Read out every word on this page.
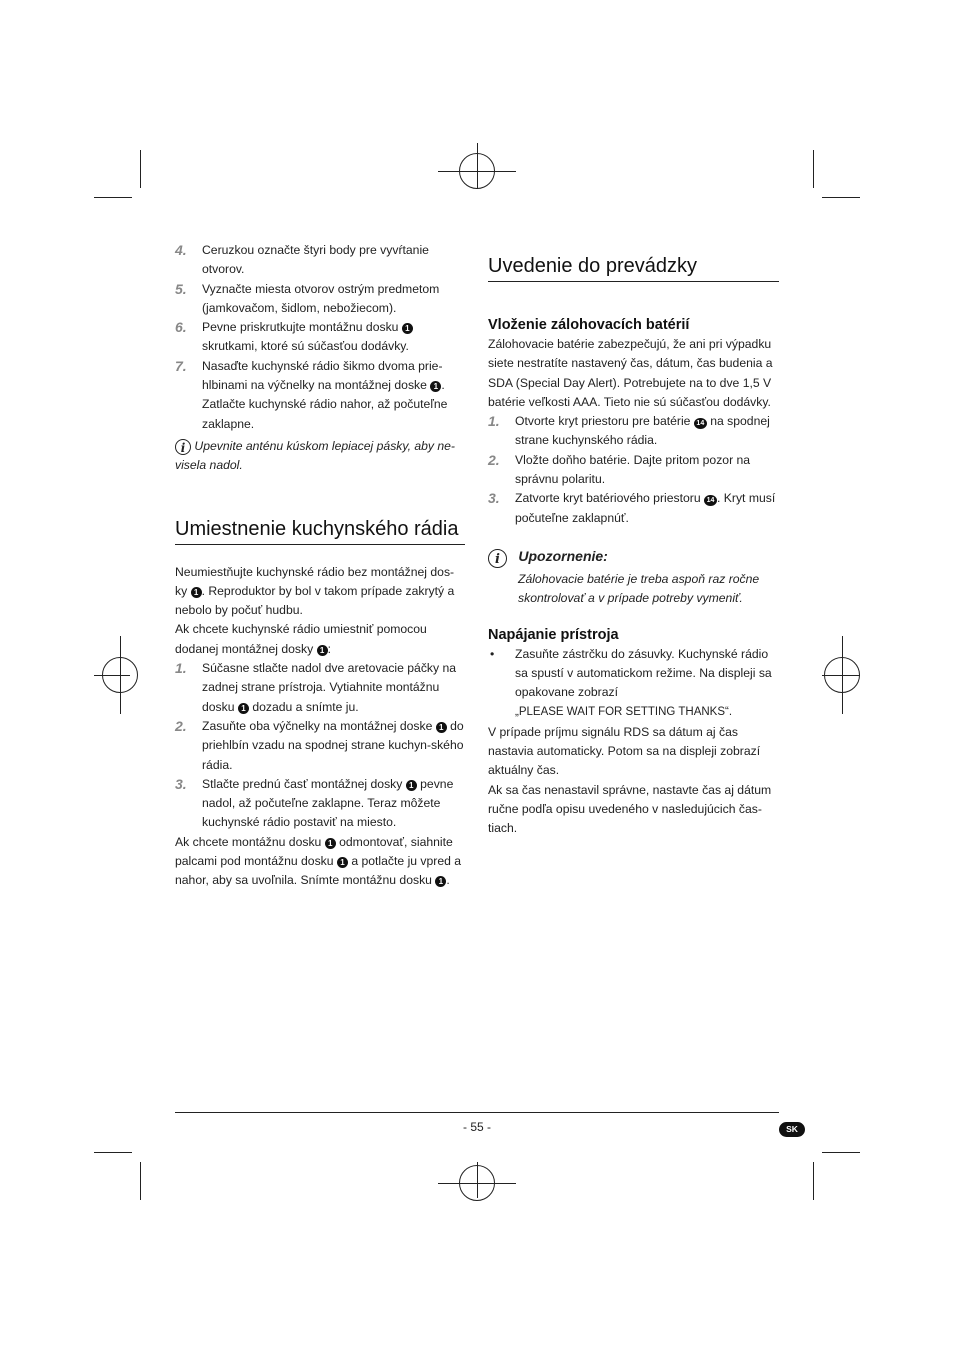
4. Ceruzkou označte štyri body pre vyvŕtanie otvorov.
5. Vyznačte miesta otvorov ostrým predmetom (jamkovačom, šidlom, nebožiecom).
6. Pevne priskrutkujte montážnu dosku 1 skrutkami, ktoré sú súčasťou dodávky.
7. Nasaďte kuchynské rádio šikmo dvoma prie-hlbinami na výčnelky na montážnej doske 1 . Zatlačte kuchynské rádio nahor, až počuteľne zaklapne.
i Upevnite anténu kúskom lepiacej pásky, aby ne-visela nadol.
Umiestnenie kuchynského rádia

Neumiestňujte kuchynské rádio bez montážnej dos-ky 1 . Reproduktor by bol v takom prípade zakrytý a nebolo by počuť hudbu.

Ak chcete kuchynské rádio umiestniť pomocou dodanej montážnej dosky 1 :

1. Súčasne stlačte nadol dve aretovacie páčky na zadnej strane prístroja. Vytiahnite montážnu dosku 1 dozadu a snímte ju.
2. Zasuňte oba výčnelky na montážnej doske 1 do priehlbín vzadu na spodnej strane kuchyn-ského rádia.
3. Stlačte prednú časť montážnej dosky 1 pevne nadol, až počuteľne zaklapne. Teraz môžete kuchynské rádio postaviť na miesto.

Ak chcete montážnu dosku 1 odmontovať, siahnite palcami pod montážnu dosku 1 a potlačte ju vpred a nahor, aby sa uvoľnila. Snímte montážnu dosku 1 .

Uvedenie do prevádzky
Vloženie zálohovacích batérií

Zálohovacie batérie zabezpečujú, že ani pri výpadku siete nestratíte nastavený čas, dátum, čas budenia a SDA (Special Day Alert). Potrebujete na to dve 1,5 V batérie veľkosti AAA. Tieto nie sú súčasťou dodávky.

1. Otvorte kryt priestoru pre batérie 14 na spodnej strane kuchynského rádia.
2. Vložte doňho batérie. Dajte pritom pozor na správnu polaritu.
3. Zatvorte kryt batériového priestoru 14 . Kryt musí počuteľne zaklapnúť.
i Upozornenie:

Zálohovacie batérie je treba aspoň raz ročne skontrolovať a v prípade potreby vymeniť.

Napájanie prístroja
• Zasuňte zástrčku do zásuvky. Kuchynské rádio sa spustí v automatickom režime. Na displeji sa opakovane zobrazí
„PLEASE WAIT FOR SETTING THANKS“.

V prípade príjmu signálu RDS sa dátum aj čas nastavia automaticky. Potom sa na displeji zobrazí aktuálny čas.

Ak sa čas nenastavil správne, nastavte čas aj dátum ručne podľa opisu uvedeného v nasledujúcich čas-tiach.

- 55 -	SK
